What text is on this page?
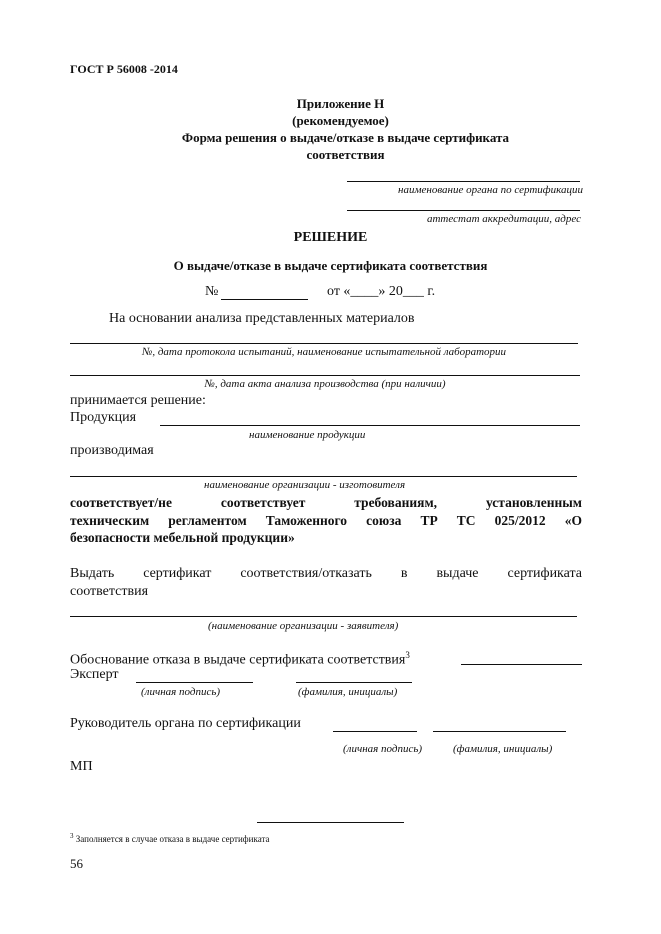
ГОСТ Р 56008 -2014
Приложение Н
(рекомендуемое)
Форма решения о выдаче/отказе в выдаче сертификата
соответствия
наименование органа по сертификации
аттестат аккредитации, адрес
РЕШЕНИЕ
О выдаче/отказе в выдаче сертификата соответствия
№	от «____» 20___ г.
На основании анализа представленных материалов
№, дата протокола испытаний, наименование испытательной лаборатории
№, дата акта анализа производства (при наличии)
принимается решение:
Продукция
наименование продукции
производимая
наименование организации - изготовителя
соответствует/не соответствует требованиям, установленным
техническим регламентом Таможенного союза ТР ТС 025/2012 «О
безопасности мебельной продукции»
Выдать сертификат соответствия/отказать в выдаче сертификата
соответствия
(наименование организации - заявителя)
Обоснование отказа в выдаче сертификата соответствия$^3$
Эксперт
(личная подпись)	(фамилия, инициалы)
Руководитель органа по сертификации
(личная подпись)	(фамилия, инициалы)
МП
$^3$ Заполняется в случае отказа в выдаче сертификата
56
